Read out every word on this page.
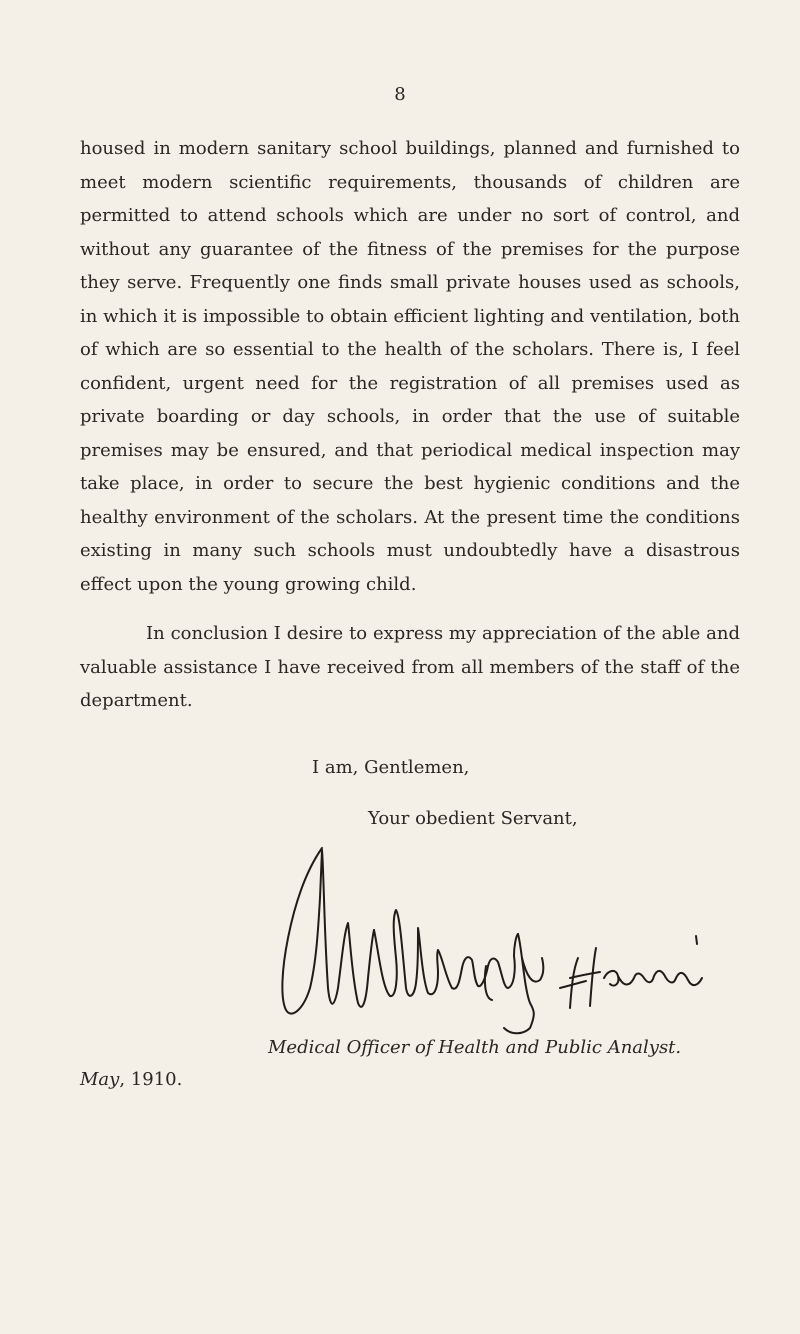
8

housed in modern sanitary school buildings, planned and furnished to meet modern scientific requirements, thousands of children are permitted to attend schools which are under no sort of control, and without any guarantee of the fitness of the premises for the purpose they serve. Frequently one finds small private houses used as schools, in which it is impossible to obtain efficient lighting and ventilation, both of which are so essential to the health of the scholars. There is, I feel confident, urgent need for the registration of all premises used as private boarding or day schools, in order that the use of suitable premises may be ensured, and that periodical medical inspection may take place, in order to secure the best hygienic conditions and the healthy environment of the scholars. At the present time the conditions existing in many such schools must undoubtedly have a disastrous effect upon the young growing child.

In conclusion I desire to express my appreciation of the able and valuable assistance I have received from all members of the staff of the department.

I am, Gentlemen,

Your obedient Servant,

Medical Officer of Health and Public Analyst.

May, 1910.
